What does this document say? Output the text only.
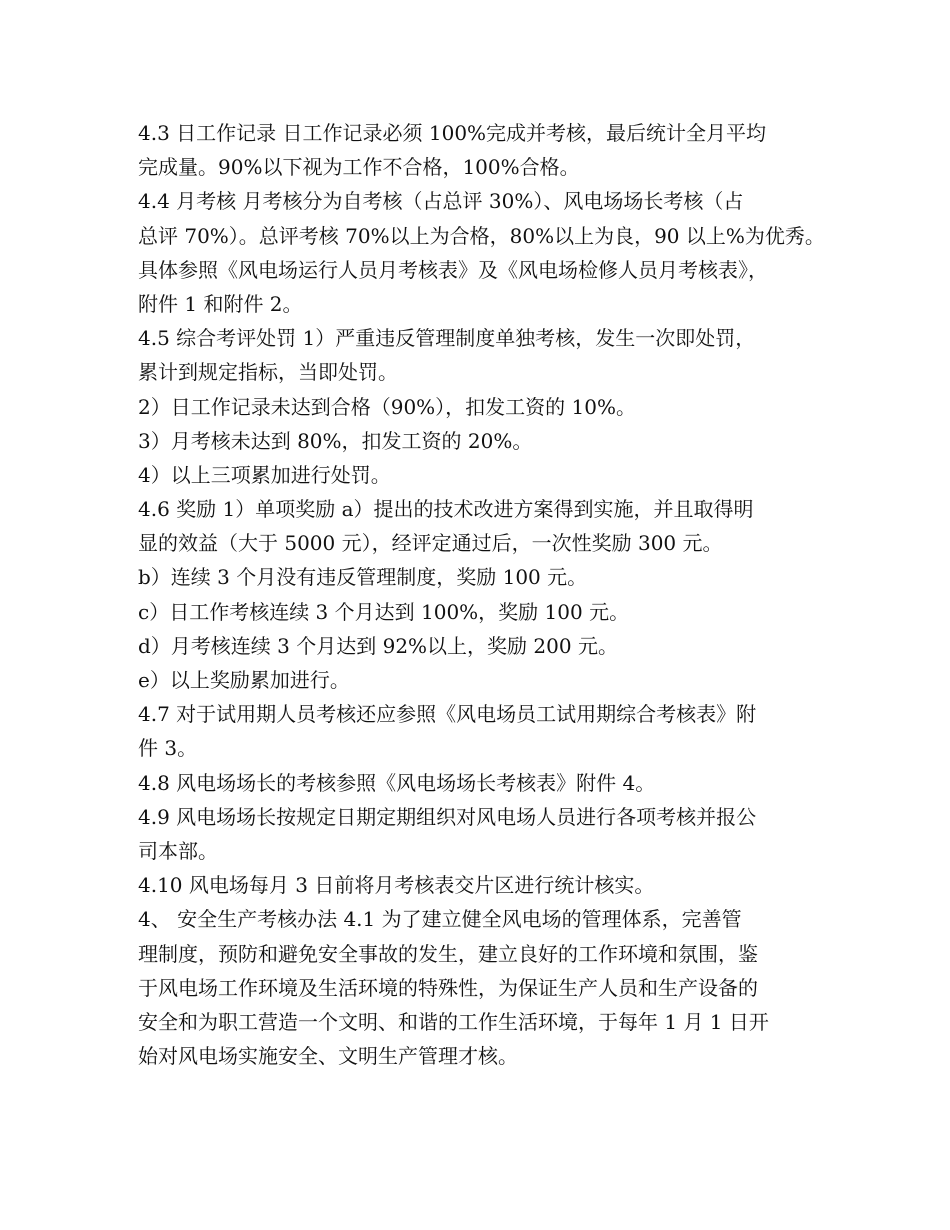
4.3 日工作记录 日工作记录必须 100%完成并考核，最后统计全月平均

完成量。90%以下视为工作不合格，100%合格。

4.4 月考核 月考核分为自考核（占总评 30%）、风电场场长考核（占

总评 70%）。总评考核 70%以上为合格，80%以上为良，90 以上%为优秀。

具体参照《风电场运行人员月考核表》及《风电场检修人员月考核表》，

附件 1 和附件 2。

4.5 综合考评处罚 1）严重违反管理制度单独考核，发生一次即处罚，

累计到规定指标，当即处罚。

2）日工作记录未达到合格（90%），扣发工资的 10%。

3）月考核未达到 80%，扣发工资的 20%。

4）以上三项累加进行处罚。

4.6 奖励 1）单项奖励 a）提出的技术改进方案得到实施，并且取得明

显的效益（大于 5000 元），经评定通过后，一次性奖励 300 元。

b）连续 3 个月没有违反管理制度，奖励 100 元。

c）日工作考核连续 3 个月达到 100%，奖励 100 元。

d）月考核连续 3 个月达到 92%以上，奖励 200 元。

e）以上奖励累加进行。

4.7 对于试用期人员考核还应参照《风电场员工试用期综合考核表》附

件 3。

4.8 风电场场长的考核参照《风电场场长考核表》附件 4。

4.9 风电场场长按规定日期定期组织对风电场人员进行各项考核并报公

司本部。

4.10 风电场每月 3 日前将月考核表交片区进行统计核实。

4、 安全生产考核办法 4.1 为了建立健全风电场的管理体系，完善管

理制度，预防和避免安全事故的发生，建立良好的工作环境和氛围，鉴

于风电场工作环境及生活环境的特殊性，为保证生产人员和生产设备的

安全和为职工营造一个文明、和谐的工作生活环境，于每年 1 月 1 日开

始对风电场实施安全、文明生产管理才核。
